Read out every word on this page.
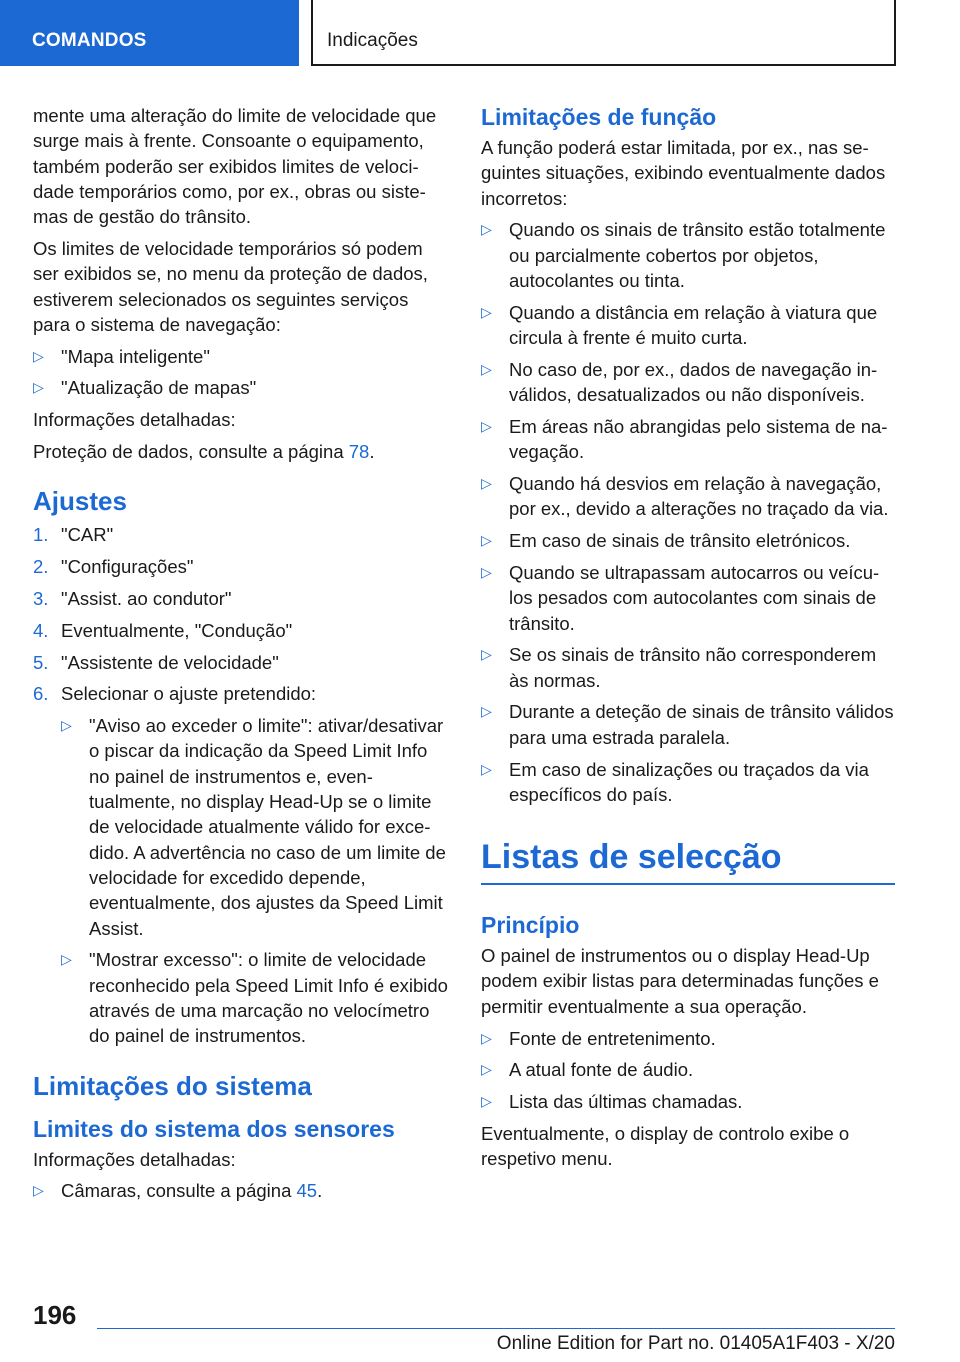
COMANDOS	Indicações

mente uma alteração do limite de velocidade que surge mais à frente. Consoante o equipamento, também poderão ser exibidos limites de velocidade temporários como, por ex., obras ou sistemas de gestão do trânsito.

Os limites de velocidade temporários só podem ser exibidos se, no menu da proteção de dados, estiverem selecionados os seguintes serviços para o sistema de navegação:

▷ "Mapa inteligente"
▷ "Atualização de mapas"

Informações detalhadas:

Proteção de dados, consulte a página 78.

Ajustes
1. "CAR"
2. "Configurações"
3. "Assist. ao condutor"
4. Eventualmente, "Condução"
5. "Assistente de velocidade"
6. Selecionar o ajuste pretendido:
▷ "Aviso ao exceder o limite": ativar/desativar o piscar da indicação da Speed Limit Info no painel de instrumentos e, eventualmente, no display Head-Up se o limite de velocidade atualmente válido for excedido. A advertência no caso de um limite de velocidade for excedido depende, eventualmente, dos ajustes da Speed Limit Assist.
▷ "Mostrar excesso": o limite de velocidade reconhecido pela Speed Limit Info é exibido através de uma marcação no velocímetro do painel de instrumentos.
Limitações do sistema
Limites do sistema dos sensores

Informações detalhadas:

▷ Câmaras, consulte a página 45.
Limitações de função

A função poderá estar limitada, por ex., nas seguintes situações, exibindo eventualmente dados incorretos:

▷ Quando os sinais de trânsito estão totalmente ou parcialmente cobertos por objetos, autocolantes ou tinta.
▷ Quando a distância em relação à viatura que circula à frente é muito curta.
▷ No caso de, por ex., dados de navegação inválidos, desatualizados ou não disponíveis.
▷ Em áreas não abrangidas pelo sistema de navegação.
▷ Quando há desvios em relação à navegação, por ex., devido a alterações no traçado da via.
▷ Em caso de sinais de trânsito eletrónicos.
▷ Quando se ultrapassam autocarros ou veículos pesados com autocolantes com sinais de trânsito.
▷ Se os sinais de trânsito não corresponderem às normas.
▷ Durante a deteção de sinais de trânsito válidos para uma estrada paralela.
▷ Em caso de sinalizações ou traçados da via específicos do país.
Listas de selecção
Princípio

O painel de instrumentos ou o display Head-Up podem exibir listas para determinadas funções e permitir eventualmente a sua operação.

▷ Fonte de entretenimento.
▷ A atual fonte de áudio.
▷ Lista das últimas chamadas.

Eventualmente, o display de controlo exibe o respetivo menu.

196
Online Edition for Part no. 01405A1F403 - X/20
